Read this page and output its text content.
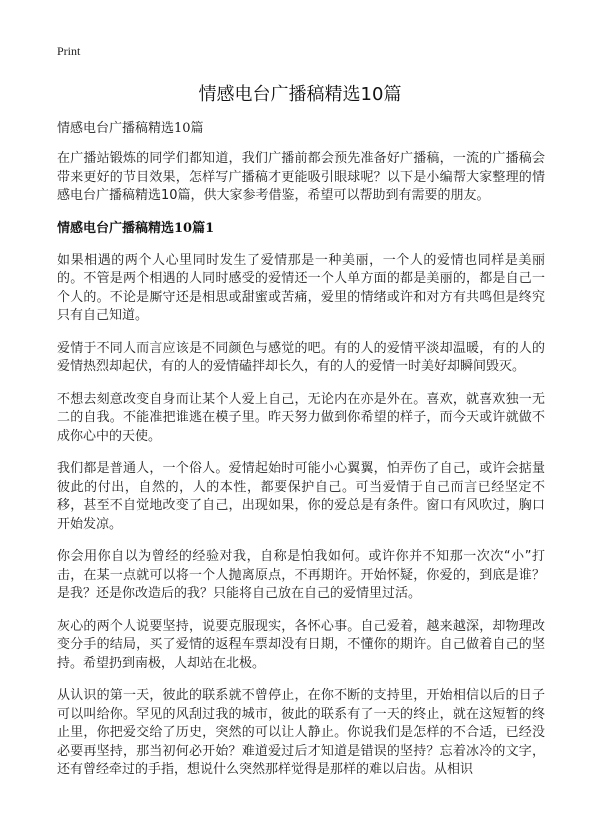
Print
情感电台广播稿精选10篇

情感电台广播稿精选10篇

在广播站锻炼的同学们都知道，我们广播前都会预先准备好广播稿，一流的广播稿会带来更好的节目效果，怎样写广播稿才更能吸引眼球呢？以下是小编帮大家整理的情感电台广播稿精选10篇，供大家参考借鉴，希望可以帮助到有需要的朋友。

情感电台广播稿精选10篇1

如果相遇的两个人心里同时发生了爱情那是一种美丽，一个人的爱情也同样是美丽的。不管是两个相遇的人同时感受的爱情还一个人单方面的都是美丽的，都是自己一个人的。不论是厮守还是相思或甜蜜或苦痛，爱里的情绪或许和对方有共鸣但是终究只有自己知道。

爱情于不同人而言应该是不同颜色与感觉的吧。有的人的爱情平淡却温暖，有的人的爱情热烈却起伏，有的人的爱情磕拌却长久，有的人的爱情一时美好却瞬间毁灭。

不想去刻意改变自身而让某个人爱上自己，无论内在亦是外在。喜欢，就喜欢独一无二的自我。不能准把谁逃在模子里。昨天努力做到你希望的样子，而今天或许就做不成你心中的天使。

我们都是普通人，一个俗人。爱情起始时可能小心翼翼，怕弄伤了自己，或许会掂量彼此的付出，自然的，人的本性，都要保护自己。可当爱情于自己而言已经坚定不移，甚至不自觉地改变了自己，出现如果，你的爱总是有条件。窗口有风吹过，胸口开始发凉。

你会用你自以为曾经的经验对我，自称是怕我如何。或许你并不知那一次次“小”打击，在某一点就可以将一个人抛离原点，不再期许。开始怀疑，你爱的，到底是谁？是我？还是你改造后的我？只能将自己放在自己的爱情里过活。

灰心的两个人说要坚持，说要克服现实，各怀心事。自己爱着，越来越深，却物理改变分手的结局，买了爱情的返程车票却没有日期，不懂你的期许。自己做着自己的坚持。希望扔到南极，人却站在北极。

从认识的第一天，彼此的联系就不曾停止，在你不断的支持里，开始相信以后的日子可以叫给你。罕见的风刮过我的城市，彼此的联系有了一天的终止，就在这短暂的终止里，你把爱交给了历史，突然的可以让人静止。你说我们是怎样的不合适，已经没必要再坚持，那当初何必开始？难道爱过后才知道是错误的坚持？忘着冰冷的文字，还有曾经牵过的手指，想说什么突然那样觉得是那样的难以启齿。从相识
